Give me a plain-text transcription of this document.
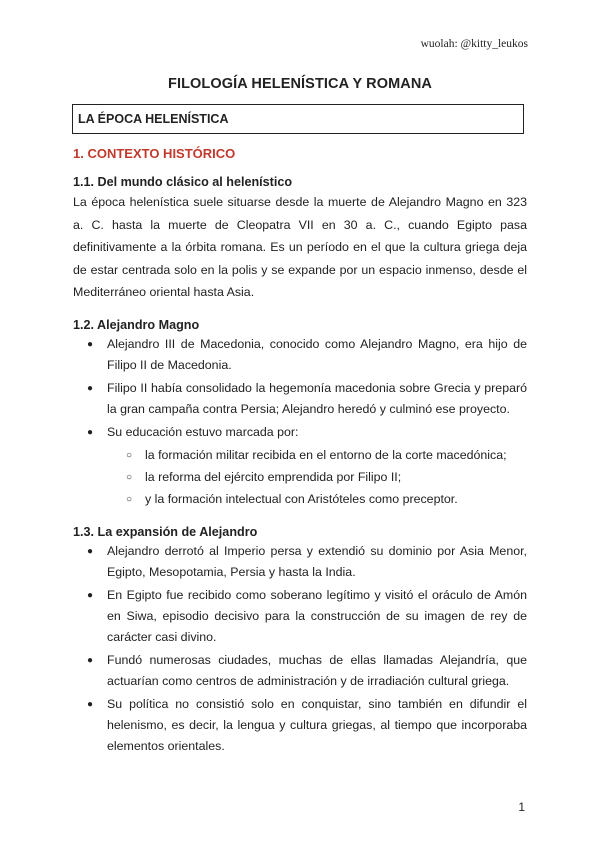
wuolah: @kitty_leukos
FILOLOGÍA HELENÍSTICA Y ROMANA
LA ÉPOCA HELENÍSTICA
1. CONTEXTO HISTÓRICO
1.1. Del mundo clásico al helenístico

La época helenística suele situarse desde la muerte de Alejandro Magno en 323 a. C. hasta la muerte de Cleopatra VII en 30 a. C., cuando Egipto pasa definitivamente a la órbita romana. Es un período en el que la cultura griega deja de estar centrada solo en la polis y se expande por un espacio inmenso, desde el Mediterráneo oriental hasta Asia.

1.2. Alejandro Magno
● Alejandro III de Macedonia, conocido como Alejandro Magno, era hijo de Filipo II de Macedonia.
● Filipo II había consolidado la hegemonía macedonia sobre Grecia y preparó la gran campaña contra Persia; Alejandro heredó y culminó ese proyecto.
● Su educación estuvo marcada por:
○ la formación militar recibida en el entorno de la corte macedónica;
○ la reforma del ejército emprendida por Filipo II;
○ y la formación intelectual con Aristóteles como preceptor.
1.3. La expansión de Alejandro
● Alejandro derrotó al Imperio persa y extendió su dominio por Asia Menor, Egipto, Mesopotamia, Persia y hasta la India.
● En Egipto fue recibido como soberano legítimo y visitó el oráculo de Amón en Siwa, episodio decisivo para la construcción de su imagen de rey de carácter casi divino.
● Fundó numerosas ciudades, muchas de ellas llamadas Alejandría, que actuarían como centros de administración y de irradiación cultural griega.
● Su política no consistió solo en conquistar, sino también en difundir el helenismo, es decir, la lengua y cultura griegas, al tiempo que incorporaba elementos orientales.
1
